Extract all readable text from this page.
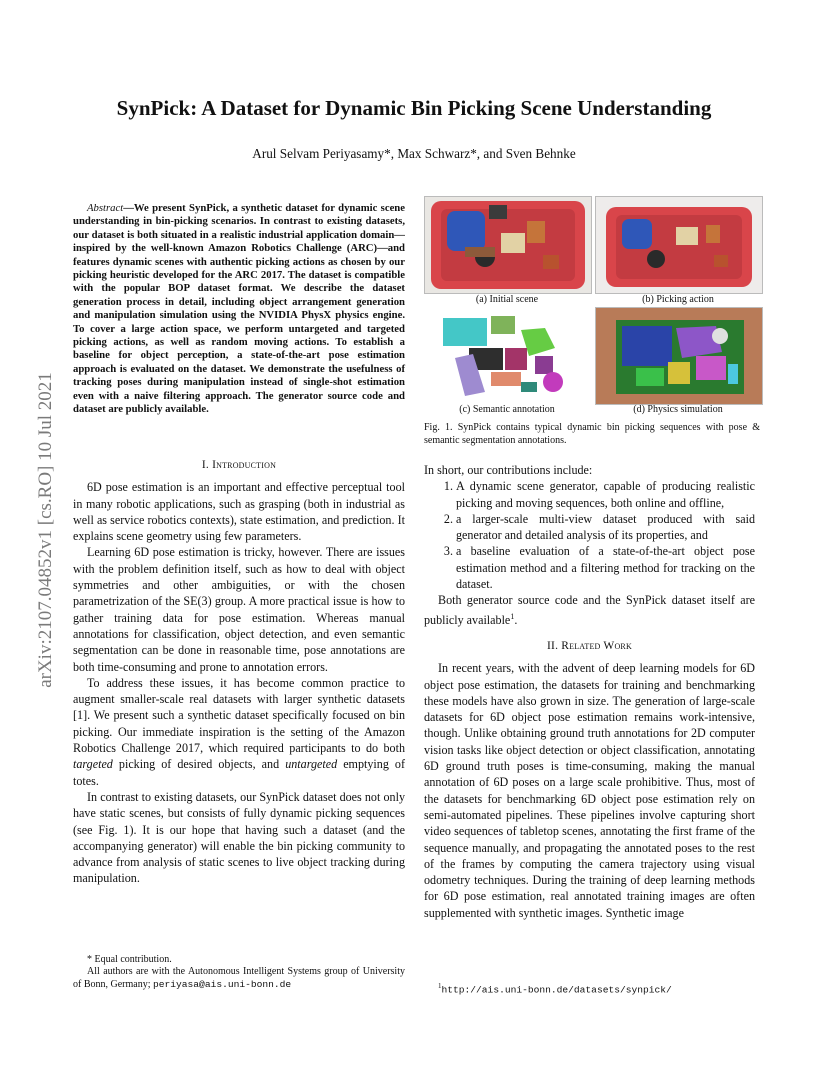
arXiv:2107.04852v1 [cs.RO] 10 Jul 2021
SynPick: A Dataset for Dynamic Bin Picking Scene Understanding
Arul Selvam Periyasamy*, Max Schwarz*, and Sven Behnke

Abstract—We present SynPick, a synthetic dataset for dynamic scene understanding in bin-picking scenarios. In contrast to existing datasets, our dataset is both situated in a realistic industrial application domain—inspired by the well-known Amazon Robotics Challenge (ARC)—and features dynamic scenes with authentic picking actions as chosen by our picking heuristic developed for the ARC 2017. The dataset is compatible with the popular BOP dataset format. We describe the dataset generation process in detail, including object arrangement generation and manipulation simulation using the NVIDIA PhysX physics engine. To cover a large action space, we perform untargeted and targeted picking actions, as well as random moving actions. To establish a baseline for object perception, a state-of-the-art pose estimation approach is evaluated on the dataset. We demonstrate the usefulness of tracking poses during manipulation instead of single-shot estimation even with a naive filtering approach. The generator source code and dataset are publicly available.

I. Introduction

6D pose estimation is an important and effective perceptual tool in many robotic applications, such as grasping (both in industrial as well as service robotics contexts), state estimation, and prediction. It explains scene geometry using few parameters.

Learning 6D pose estimation is tricky, however. There are issues with the problem definition itself, such as how to deal with object symmetries and other ambiguities, or with the chosen parametrization of the SE(3) group. A more practical issue is how to gather training data for pose estimation. Whereas manual annotations for classification, object detection, and even semantic segmentation can be done in reasonable time, pose annotations are both time-consuming and prone to annotation errors.

To address these issues, it has become common practice to augment smaller-scale real datasets with larger synthetic datasets [1]. We present such a synthetic dataset specifically focused on bin picking. Our immediate inspiration is the setting of the Amazon Robotics Challenge 2017, which required participants to do both targeted picking of desired objects, and untargeted emptying of totes.

In contrast to existing datasets, our SynPick dataset does not only have static scenes, but consists of fully dynamic picking sequences (see Fig. 1). It is our hope that having such a dataset (and the accompanying generator) will enable the bin picking community to advance from analysis of static scenes to live object tracking during manipulation.

* Equal contribution.

All authors are with the Autonomous Intelligent Systems group of University of Bonn, Germany; periyasa@ais.uni-bonn.de

(a) Initial scene	(b) Picking action
(c) Semantic annotation	(d) Physics simulation
Fig. 1. SynPick contains typical dynamic bin picking sequences with pose & semantic segmentation annotations.

In short, our contributions include:

1. A dynamic scene generator, capable of producing realistic picking and moving sequences, both online and offline,
2. a larger-scale multi-view dataset produced with said generator and detailed analysis of its properties, and
3. a baseline evaluation of a state-of-the-art object pose estimation method and a filtering method for tracking on the dataset.

Both generator source code and the SynPick dataset itself are publicly available$^1$.

II. Related Work

In recent years, with the advent of deep learning models for 6D object pose estimation, the datasets for training and benchmarking these models have also grown in size. The generation of large-scale datasets for 6D object pose estimation remains work-intensive, though. Unlike obtaining ground truth annotations for 2D computer vision tasks like object detection or object classification, annotating 6D ground truth poses is time-consuming, making the manual annotation of 6D poses on a large scale prohibitive. Thus, most of the datasets for benchmarking 6D object pose estimation rely on semi-automated pipelines. These pipelines involve capturing short video sequences of tabletop scenes, annotating the first frame of the sequence manually, and propagating the annotated poses to the rest of the frames by computing the camera trajectory using visual odometry techniques. During the training of deep learning methods for 6D pose estimation, real annotated training images are often supplemented with synthetic images. Synthetic image

$^1$http://ais.uni-bonn.de/datasets/synpick/
